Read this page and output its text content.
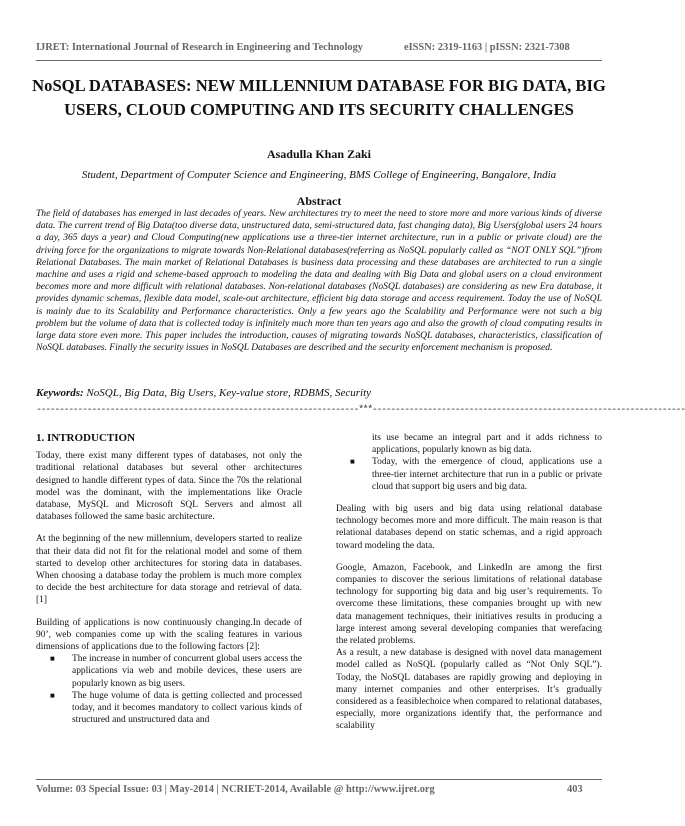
IJRET: International Journal of Research in Engineering and Technology	eISSN: 2319-1163 | pISSN: 2321-7308
NoSQL DATABASES: NEW MILLENNIUM DATABASE FOR BIG DATA, BIG USERS, CLOUD COMPUTING AND ITS SECURITY CHALLENGES
Asadulla Khan Zaki
Student, Department of Computer Science and Engineering, BMS College of Engineering, Bangalore, India
Abstract
The field of databases has emerged in last decades of years. New architectures try to meet the need to store more and more various kinds of diverse data. The current trend of Big Data(too diverse data, unstructured data, semi-structured data, fast changing data), Big Users(global users 24 hours a day, 365 days a year) and Cloud Computing(new applications use a three-tier internet architecture, run in a public or private cloud) are the driving force for the organizations to migrate towards Non-Relational databases(referring as NoSQL popularly called as “NOT ONLY SQL”)from Relational Databases. The main market of Relational Databases is business data processing and these databases are architected to run a single machine and uses a rigid and scheme-based approach to modeling the data and dealing with Big Data and global users on a cloud environment becomes more and more difficult with relational databases. Non-relational databases (NoSQL databases) are considering as new Era database, it provides dynamic schemas, flexible data model, scale-out architecture, efficient big data storage and access requirement. Today the use of NoSQL is mainly due to its Scalability and Performance characteristics. Only a few years ago the Scalability and Performance were not such a big problem but the volume of data that is collected today is infinitely much more than ten years ago and also the growth of cloud computing results in large data store even more. This paper includes the introduction, causes of migrating towards NoSQL databases, characteristics, classification of NoSQL databases. Finally the security issues in NoSQL Databases are described and the security enforcement mechanism is proposed.
Keywords: NoSQL, Big Data, Big Users, Key-value store, RDBMS, Security
----------------------------------------------------------------------***--------------------------------------------------------------------
1. INTRODUCTION

Today, there exist many different types of databases, not only the traditional relational databases but several other architectures designed to handle different types of data. Since the 70s the relational model was the dominant, with the implementations like Oracle database, MySQL and Microsoft SQL Servers and almost all databases followed the same basic architecture.

At the beginning of the new millennium, developers started to realize that their data did not fit for the relational model and some of them started to develop other architectures for storing data in databases. When choosing a database today the problem is much more complex to decide the best architecture for data storage and retrieval of data. [1]

Building of applications is now continuously changing.In decade of 90’, web companies come up with the scaling features in various dimensions of applications due to the following factors [2]:

■ The increase in number of concurrent global users access the applications via web and mobile devices, these users are popularly known as big users.
■ The huge volume of data is getting collected and processed today, and it becomes mandatory to collect various kinds of structured and unstructured data and
its use became an integral part and it adds richness to applications, popularly known as big data.
■ Today, with the emergence of cloud, applications use a three-tier internet architecture that run in a public or private cloud that support big users and big data.

Dealing with big users and big data using relational database technology becomes more and more difficult. The main reason is that relational databases depend on static schemas, and a rigid approach toward modeling the data.

Google, Amazon, Facebook, and LinkedIn are among the first companies to discover the serious limitations of relational database technology for supporting big data and big user’s requirements. To overcome these limitations, these companies brought up with new data management techniques, their initiatives results in producing a large interest among several developing companies that werefacing the related problems.

As a result, a new database is designed with novel data management model called as NoSQL (popularly called as “Not Only SQL”). Today, the NoSQL databases are rapidly growing and deploying in many internet companies and other enterprises. It’s gradually considered as a feasiblechoice when compared to relational databases, especially, more organizations identify that, the performance and scalability

Volume: 03 Special Issue: 03 | May-2014 | NCRIET-2014, Available @ http://www.ijret.org	403
